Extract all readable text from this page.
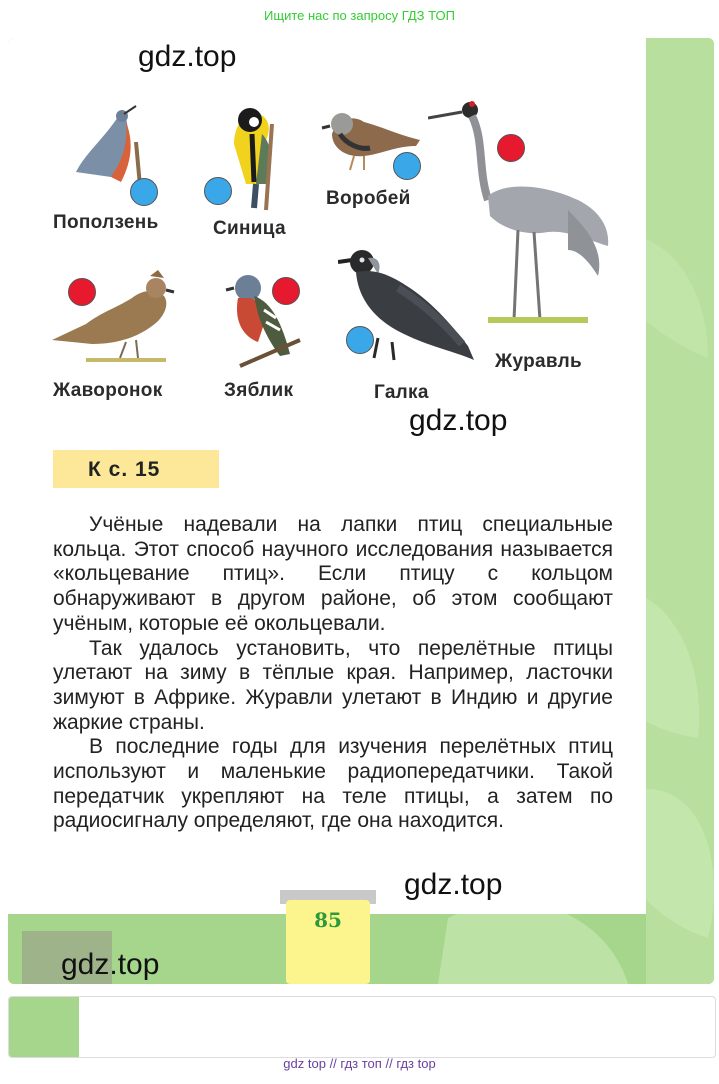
Ищите нас по запросу ГДЗ ТОП
gdz.top
Поползень	Синица
Воробей
Журавль
Жаворонок	Зяблик	Галка
gdz.top
К с. 15

Учёные надевали на лапки птиц специальные кольца. Этот способ научного исследования называется «кольцевание птиц». Если птицу с кольцом обнаруживают в другом районе, об этом сообщают учёным, которые её окольцевали.

Так удалось установить, что перелётные птицы улетают на зиму в тёплые края. Например, ласточки зимуют в Африке. Журавли улетают в Индию и другие жаркие страны.

В последние годы для изучения перелётных птиц используют и маленькие радиопередатчики. Такой передатчик укрепляют на теле птицы, а затем по радиосигналу определяют, где она находится.

gdz.top
85
gdz.top
gdz top // гдз топ // гдз top
